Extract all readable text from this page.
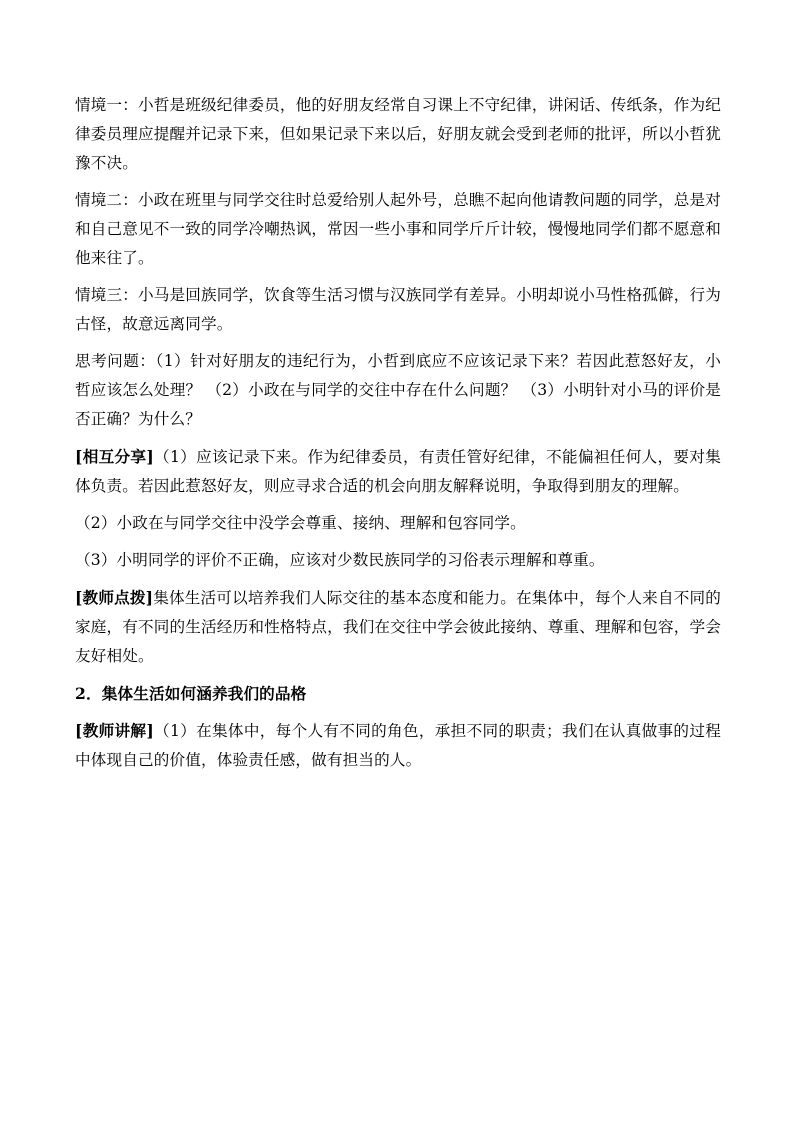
情境一：小哲是班级纪律委员，他的好朋友经常自习课上不守纪律，讲闲话、传纸条，作为纪律委员理应提醒并记录下来，但如果记录下来以后，好朋友就会受到老师的批评，所以小哲犹豫不决。

情境二：小政在班里与同学交往时总爱给别人起外号，总瞧不起向他请教问题的同学，总是对和自己意见不一致的同学冷嘲热讽，常因一些小事和同学斤斤计较，慢慢地同学们都不愿意和他来往了。

情境三：小马是回族同学，饮食等生活习惯与汉族同学有差异。小明却说小马性格孤僻，行为古怪，故意远离同学。

思考问题：（1）针对好朋友的违纪行为，小哲到底应不应该记录下来？若因此惹怒好友，小哲应该怎么处理？ （2）小政在与同学的交往中存在什么问题？ （3）小明针对小马的评价是否正确？为什么？

[相互分享]（1）应该记录下来。作为纪律委员，有责任管好纪律，不能偏袒任何人，要对集体负责。若因此惹怒好友，则应寻求合适的机会向朋友解释说明，争取得到朋友的理解。

（2）小政在与同学交往中没学会尊重、接纳、理解和包容同学。

（3）小明同学的评价不正确，应该对少数民族同学的习俗表示理解和尊重。

[教师点拨]集体生活可以培养我们人际交往的基本态度和能力。在集体中，每个人来自不同的家庭，有不同的生活经历和性格特点，我们在交往中学会彼此接纳、尊重、理解和包容，学会友好相处。

2．集体生活如何涵养我们的品格

[教师讲解]（1）在集体中，每个人有不同的角色，承担不同的职责；我们在认真做事的过程中体现自己的价值，体验责任感，做有担当的人。
